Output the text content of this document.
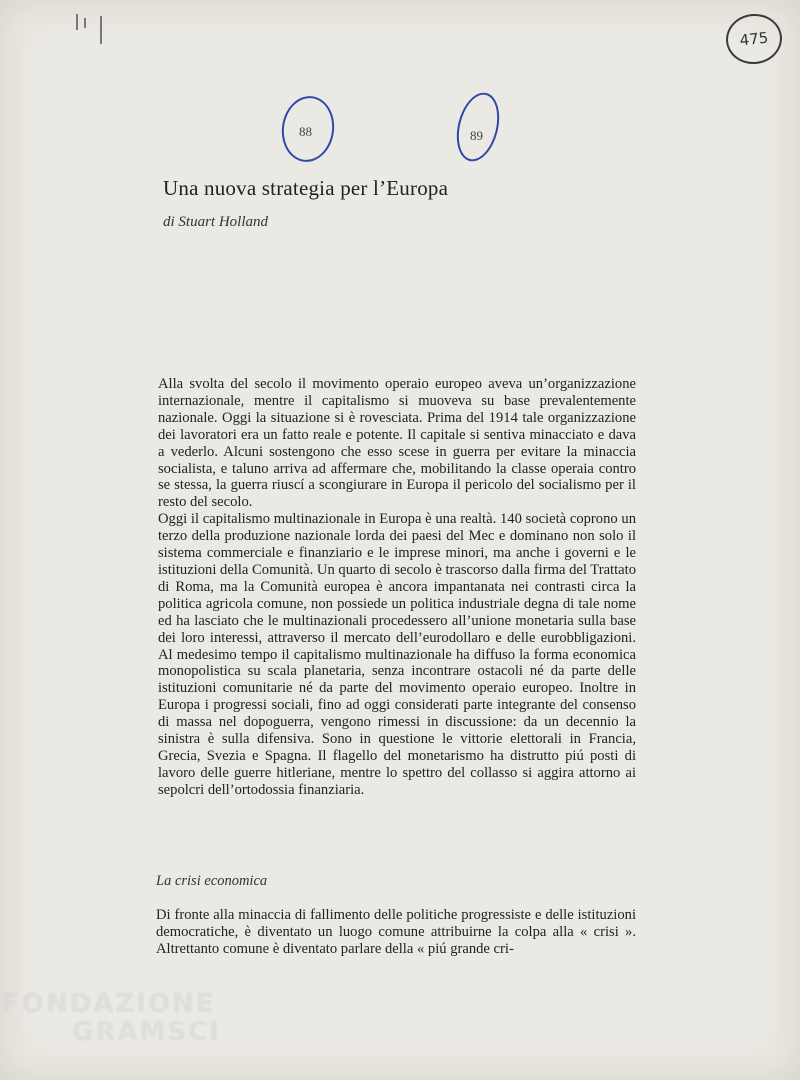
475
88	89
Una nuova strategia per l’Europa
di Stuart Holland

Alla svolta del secolo il movimento operaio europeo aveva un’organizzazione internazionale, mentre il capitalismo si muoveva su base prevalentemente nazionale. Oggi la situazione si è rovesciata. Prima del 1914 tale organizzazione dei lavoratori era un fatto reale e potente. Il capitale si sentiva minacciato e dava a vederlo. Alcuni sostengono che esso scese in guerra per evitare la minaccia socialista, e taluno arriva ad affermare che, mobilitando la classe operaia contro se stessa, la guerra riuscí a scongiurare in Europa il pericolo del socialismo per il resto del secolo.

Oggi il capitalismo multinazionale in Europa è una realtà. 140 società coprono un terzo della produzione nazionale lorda dei paesi del Mec e dominano non solo il sistema commerciale e finanziario e le imprese minori, ma anche i governi e le istituzioni della Comunità. Un quarto di secolo è trascorso dalla firma del Trattato di Roma, ma la Comunità europea è ancora impantanata nei contrasti circa la politica agricola comune, non possiede un politica industriale degna di tale nome ed ha lasciato che le multinazionali procedessero all’unione monetaria sulla base dei loro interessi, attraverso il mercato dell’eurodollaro e delle eurobbligazioni. Al medesimo tempo il capitalismo multinazionale ha diffuso la forma economica monopolistica su scala planetaria, senza incontrare ostacoli né da parte delle istituzioni comunitarie né da parte del movimento operaio europeo. Inoltre in Europa i progressi sociali, fino ad oggi considerati parte integrante del consenso di massa nel dopoguerra, vengono rimessi in discussione: da un decennio la sinistra è sulla difensiva. Sono in questione le vittorie elettorali in Francia, Grecia, Svezia e Spagna. Il flagello del monetarismo ha distrutto piú posti di lavoro delle guerre hitleriane, mentre lo spettro del collasso si aggira attorno ai sepolcri dell’ortodossia finanziaria.

La crisi economica

Di fronte alla minaccia di fallimento delle politiche progressiste e delle istituzioni democratiche, è diventato un luogo comune attribuirne la colpa alla « crisi ». Altrettanto comune è diventato parlare della « piú grande cri-

FONDAZIONE
GRAMSCI
